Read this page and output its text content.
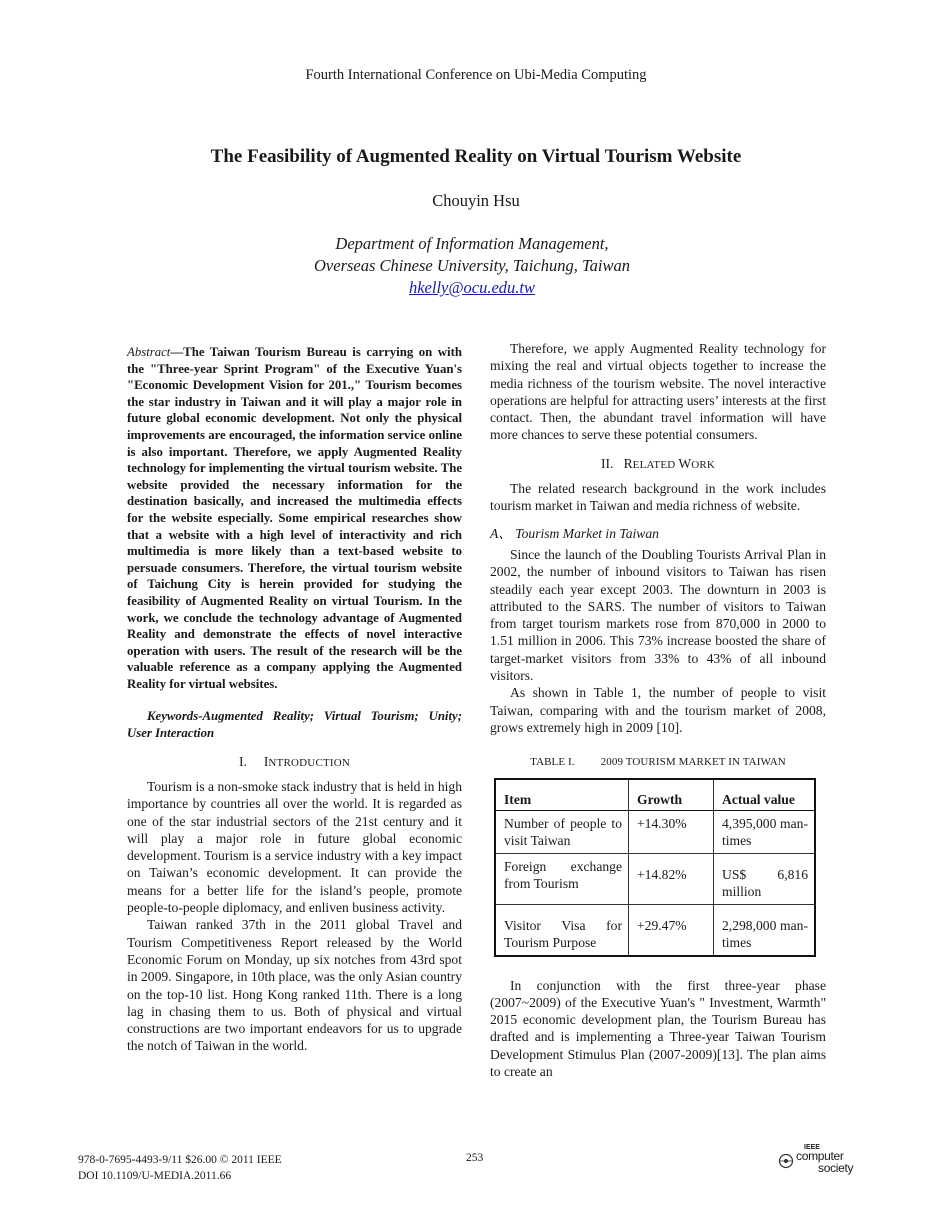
Fourth International Conference on Ubi-Media Computing
The Feasibility of Augmented Reality on Virtual Tourism Website
Chouyin Hsu
Department of Information Management,
Overseas Chinese University, Taichung, Taiwan
hkelly@ocu.edu.tw
Abstract—The Taiwan Tourism Bureau is carrying on with the "Three-year Sprint Program" of the Executive Yuan's "Economic Development Vision for 201.," Tourism becomes the star industry in Taiwan and it will play a major role in future global economic development. Not only the physical improvements are encouraged, the information service online is also important. Therefore, we apply Augmented Reality technology for implementing the virtual tourism website. The website provided the necessary information for the destination basically, and increased the multimedia effects for the website especially. Some empirical researches show that a website with a high level of interactivity and rich multimedia is more likely than a text-based website to persuade consumers. Therefore, the virtual tourism website of Taichung City is herein provided for studying the feasibility of Augmented Reality on virtual Tourism. In the work, we conclude the technology advantage of Augmented Reality and demonstrate the effects of novel interactive operation with users. The result of the research will be the valuable reference as a company applying the Augmented Reality for virtual websites.
Keywords-Augmented Reality; Virtual Tourism; Unity; User Interaction
I. INTRODUCTION

Tourism is a non-smoke stack industry that is held in high importance by countries all over the world. It is regarded as one of the star industrial sectors of the 21st century and it will play a major role in future global economic development. Tourism is a service industry with a key impact on Taiwan’s economic development. It can provide the means for a better life for the island’s people, promote people-to-people diplomacy, and enliven business activity.

Taiwan ranked 37th in the 2011 global Travel and Tourism Competitiveness Report released by the World Economic Forum on Monday, up six notches from 43rd spot in 2009. Singapore, in 10th place, was the only Asian country on the top-10 list. Hong Kong ranked 11th. There is a long lag in chasing them to us. Both of physical and virtual constructions are two important endeavors for us to upgrade the notch of Taiwan in the world.

Therefore, we apply Augmented Reality technology for mixing the real and virtual objects together to increase the media richness of the tourism website. The novel interactive operations are helpful for attracting users’ interests at the first contact. Then, the abundant travel information will have more chances to serve these potential consumers.

II. RELATED WORK

The related research background in the work includes tourism market in Taiwan and media richness of website.

A、 Tourism Market in Taiwan

Since the launch of the Doubling Tourists Arrival Plan in 2002, the number of inbound visitors to Taiwan has risen steadily each year except 2003. The downturn in 2003 is attributed to the SARS. The number of visitors to Taiwan from target tourism markets rose from 870,000 in 2000 to 1.51 million in 2006. This 73% increase boosted the share of target-market visitors from 33% to 43% of all inbound visitors.

As shown in Table 1, the number of people to visit Taiwan, comparing with and the tourism market of 2008, grows extremely high in 2009 [10].

TABLE I. 2009 TOURISM MARKET IN TAIWAN
Item	Growth	Actual value
Number of people to visit Taiwan	+14.30%	4,395,000 man-times
Foreign exchange from Tourism	+14.82%	US$ 6,816 million
Visitor Visa for Tourism Purpose	+29.47%	2,298,000 man-times

In conjunction with the first three-year phase (2007~2009) of the Executive Yuan's " Investment, Warmth" 2015 economic development plan, the Tourism Bureau has drafted and is implementing a Three-year Taiwan Tourism Development Stimulus Plan (2007-2009)[13]. The plan aims to create an

978-0-7695-4493-9/11 $26.00 © 2011 IEEE
DOI 10.1109/U-MEDIA.2011.66
253
IEEE
computer
society
